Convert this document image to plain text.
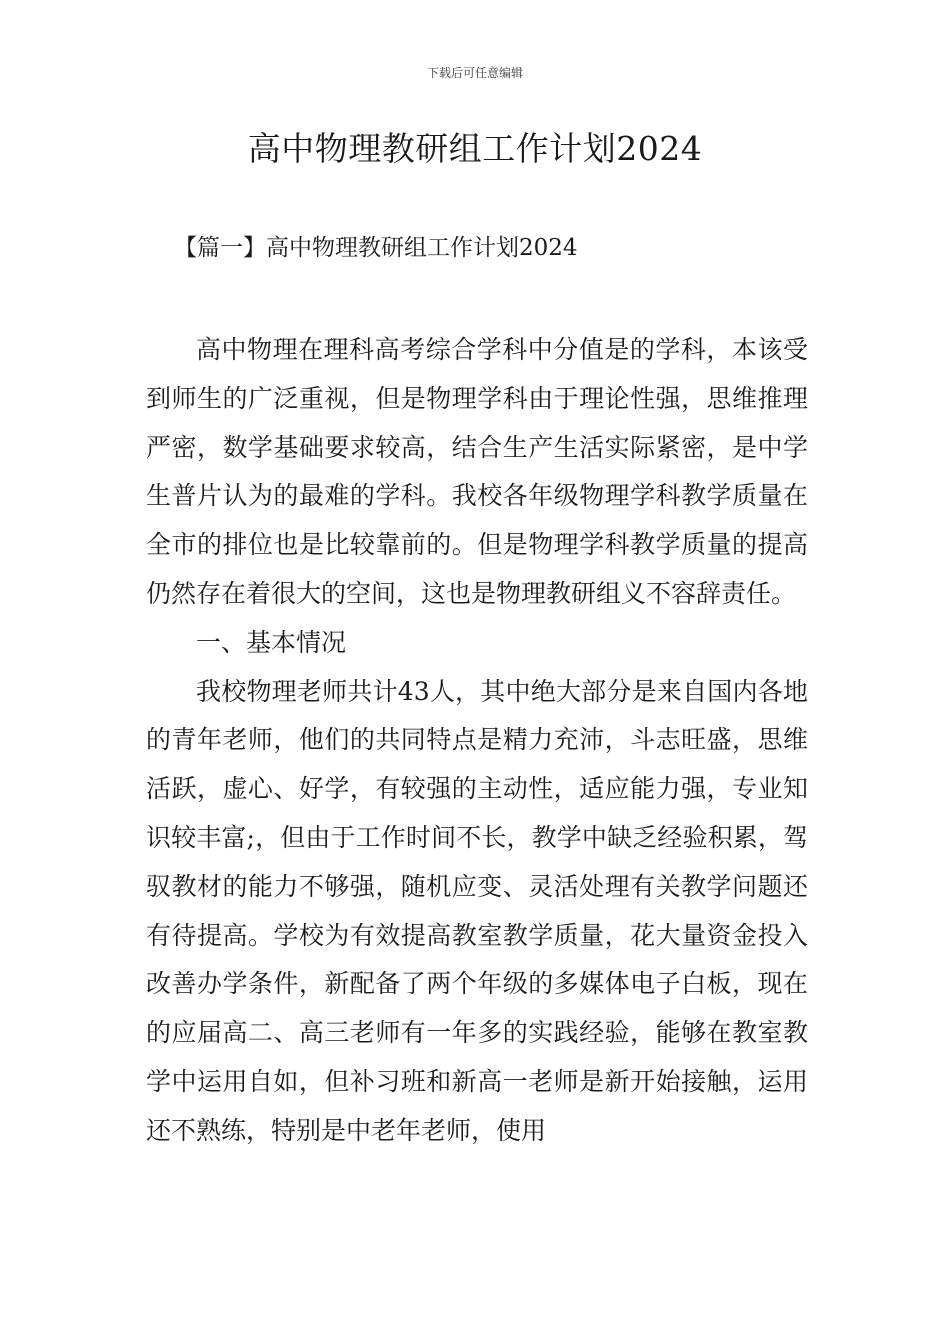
下载后可任意编辑
高中物理教研组工作计划2024
【篇一】高中物理教研组工作计划2024

高中物理在理科高考综合学科中分值是的学科，本该受到师生的广泛重视，但是物理学科由于理论性强，思维推理严密，数学基础要求较高，结合生产生活实际紧密，是中学生普片认为的最难的学科。我校各年级物理学科教学质量在全市的排位也是比较靠前的。但是物理学科教学质量的提高仍然存在着很大的空间，这也是物理教研组义不容辞责任。

一、基本情况

我校物理老师共计43人，其中绝大部分是来自国内各地的青年老师，他们的共同特点是精力充沛，斗志旺盛，思维活跃，虚心、好学，有较强的主动性，适应能力强，专业知识较丰富;，但由于工作时间不长，教学中缺乏经验积累，驾驭教材的能力不够强，随机应变、灵活处理有关教学问题还有待提高。学校为有效提高教室教学质量，花大量资金投入改善办学条件，新配备了两个年级的多媒体电子白板，现在的应届高二、高三老师有一年多的实践经验，能够在教室教学中运用自如，但补习班和新高一老师是新开始接触，运用还不熟练，特别是中老年老师，使用
